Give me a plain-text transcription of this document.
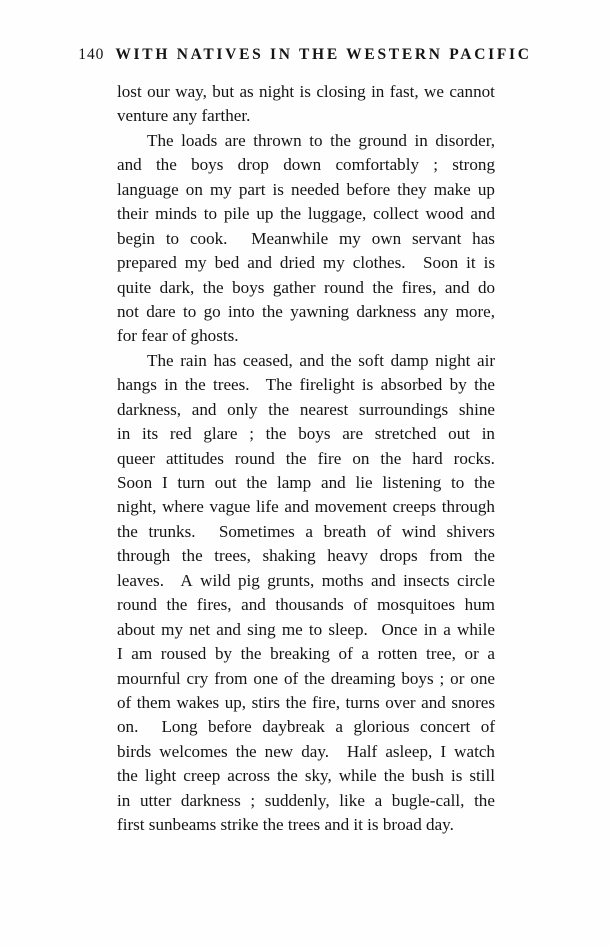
140 WITH NATIVES IN THE WESTERN PACIFIC
lost our way, but as night is closing in fast, we cannot
venture any farther.
The loads are thrown to the ground in disorder,
and the boys drop down comfortably ; strong
language on my part is needed before they make up
their minds to pile up the luggage, collect wood and
begin to cook. Meanwhile my own servant has
prepared my bed and dried my clothes. Soon it is
quite dark, the boys gather round the fires, and do
not dare to go into the yawning darkness any more,
for fear of ghosts.
The rain has ceased, and the soft damp night air
hangs in the trees. The firelight is absorbed by the
darkness, and only the nearest surroundings shine
in its red glare ; the boys are stretched out in
queer attitudes round the fire on the hard rocks.
Soon I turn out the lamp and lie listening to the
night, where vague life and movement creeps through
the trunks. Sometimes a breath of wind shivers
through the trees, shaking heavy drops from the
leaves. A wild pig grunts, moths and insects circle
round the fires, and thousands of mosquitoes hum
about my net and sing me to sleep. Once in a while
I am roused by the breaking of a rotten tree, or a
mournful cry from one of the dreaming boys ; or one
of them wakes up, stirs the fire, turns over and snores
on. Long before daybreak a glorious concert of
birds welcomes the new day. Half asleep, I watch
the light creep across the sky, while the bush is still
in utter darkness ; suddenly, like a bugle-call, the
first sunbeams strike the trees and it is broad day.
